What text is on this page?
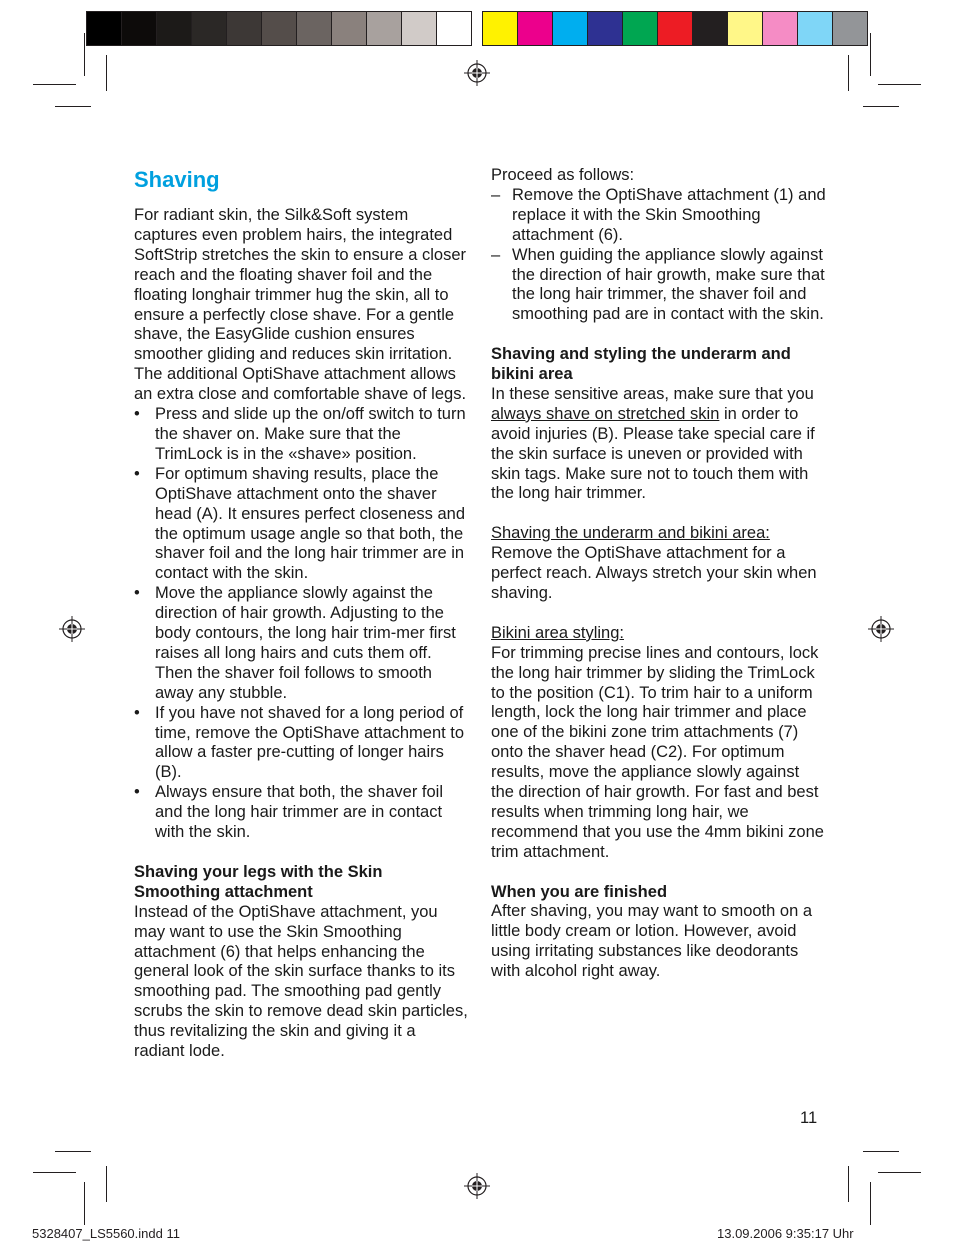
Shaving

For radiant skin, the Silk&Soft system captures even problem hairs, the integrated SoftStrip stretches the skin to ensure a closer reach and the floating shaver foil and the floating longhair trimmer hug the skin, all to ensure a perfectly close shave. For a gentle shave, the EasyGlide cushion ensures smoother gliding and reduces skin irritation.

The additional OptiShave attachment allows an extra close and comfortable shave of legs.

• Press and slide up the on/off switch to turn the shaver on. Make sure that the TrimLock is in the «shave» position.
• For optimum shaving results, place the OptiShave attachment onto the shaver head (A). It ensures perfect closeness and the optimum usage angle so that both, the shaver foil and the long hair trimmer are in contact with the skin.
• Move the appliance slowly against the direction of hair growth. Adjusting to the body contours, the long hair trim-mer first raises all long hairs and cuts them off. Then the shaver foil follows to smooth away any stubble.
• If you have not shaved for a long period of time, remove the OptiShave attachment to allow a faster pre-cutting of longer hairs (B).
• Always ensure that both, the shaver foil and the long hair trimmer are in contact with the skin.

Shaving your legs with the Skin Smoothing attachment

Instead of the OptiShave attachment, you may want to use the Skin Smoothing attachment (6) that helps enhancing the general look of the skin surface thanks to its smoothing pad. The smoothing pad gently scrubs the skin to remove dead skin particles, thus revitalizing the skin and giving it a radiant lode.

Proceed as follows:

– Remove the OptiShave attachment (1) and replace it with the Skin Smoothing attachment (6).
– When guiding the appliance slowly against the direction of hair growth, make sure that the long hair trimmer, the shaver foil and smoothing pad are in contact with the skin.

Shaving and styling the underarm and bikini area

In these sensitive areas, make sure that you always shave on stretched skin in order to avoid injuries (B). Please take special care if the skin surface is uneven or provided with skin tags. Make sure not to touch them with the long hair trimmer.

Shaving the underarm and bikini area:

Remove the OptiShave attachment for a perfect reach. Always stretch your skin when shaving.

Bikini area styling:

For trimming precise lines and contours, lock the long hair trimmer by sliding the TrimLock to the position (C1). To trim hair to a uniform length, lock the long hair trimmer and place one of the bikini zone trim attachments (7) onto the shaver head (C2). For optimum results, move the appliance slowly against the direction of hair growth. For fast and best results when trimming long hair, we recommend that you use the 4mm bikini zone trim attachment.

When you are finished

After shaving, you may want to smooth on a little body cream or lotion. However, avoid using irritating substances like deodorants with alcohol right away.

11
5328407_LS5560.indd 11	13.09.2006 9:35:17 Uhr
